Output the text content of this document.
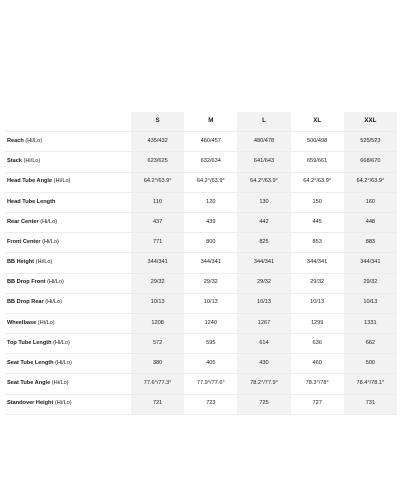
	S	M	L	XL	XXL
Reach (Hi/Lo)	435/432	460/457	480/478	500/498	525/523
Stack (Hi/Lo)	623/625	632/634	641/643	659/661	668/670
Head Tube Angle (Hi/Lo)	64.2°/63.9°	64.2°/63.9°	64.2°/63.9°	64.2°/63.9°	64.2°/63.9°
Head Tube Length	110	120	130	150	160
Rear Center (Hi/Lo)	437	439	442	445	448
Front Center (Hi/Lo)	771	800	825	853	883
BB Height (Hi/Lo)	344/341	344/341	344/341	344/341	344/341
BB Drop Front (Hi/Lo)	29/32	29/32	29/32	29/32	29/32
BB Drop Rear (Hi/Lo)	10/13	10/13	10/13	10/13	10/13
Wheelbase (Hi/Lo)	1208	1240	1267	1299	1331
Top Tube Length (Hi/Lo)	572	595	614	636	662
Seat Tube Length (Hi/Lo)	380	405	430	460	500
Seat Tube Angle (Hi/Lo)	77.6°/77.3°	77.9°/77.6°	78.2°/77.9°	78.3°/78°	78.4°/78.1°
Standover Height (Hi/Lo)	721	723	725	727	731
